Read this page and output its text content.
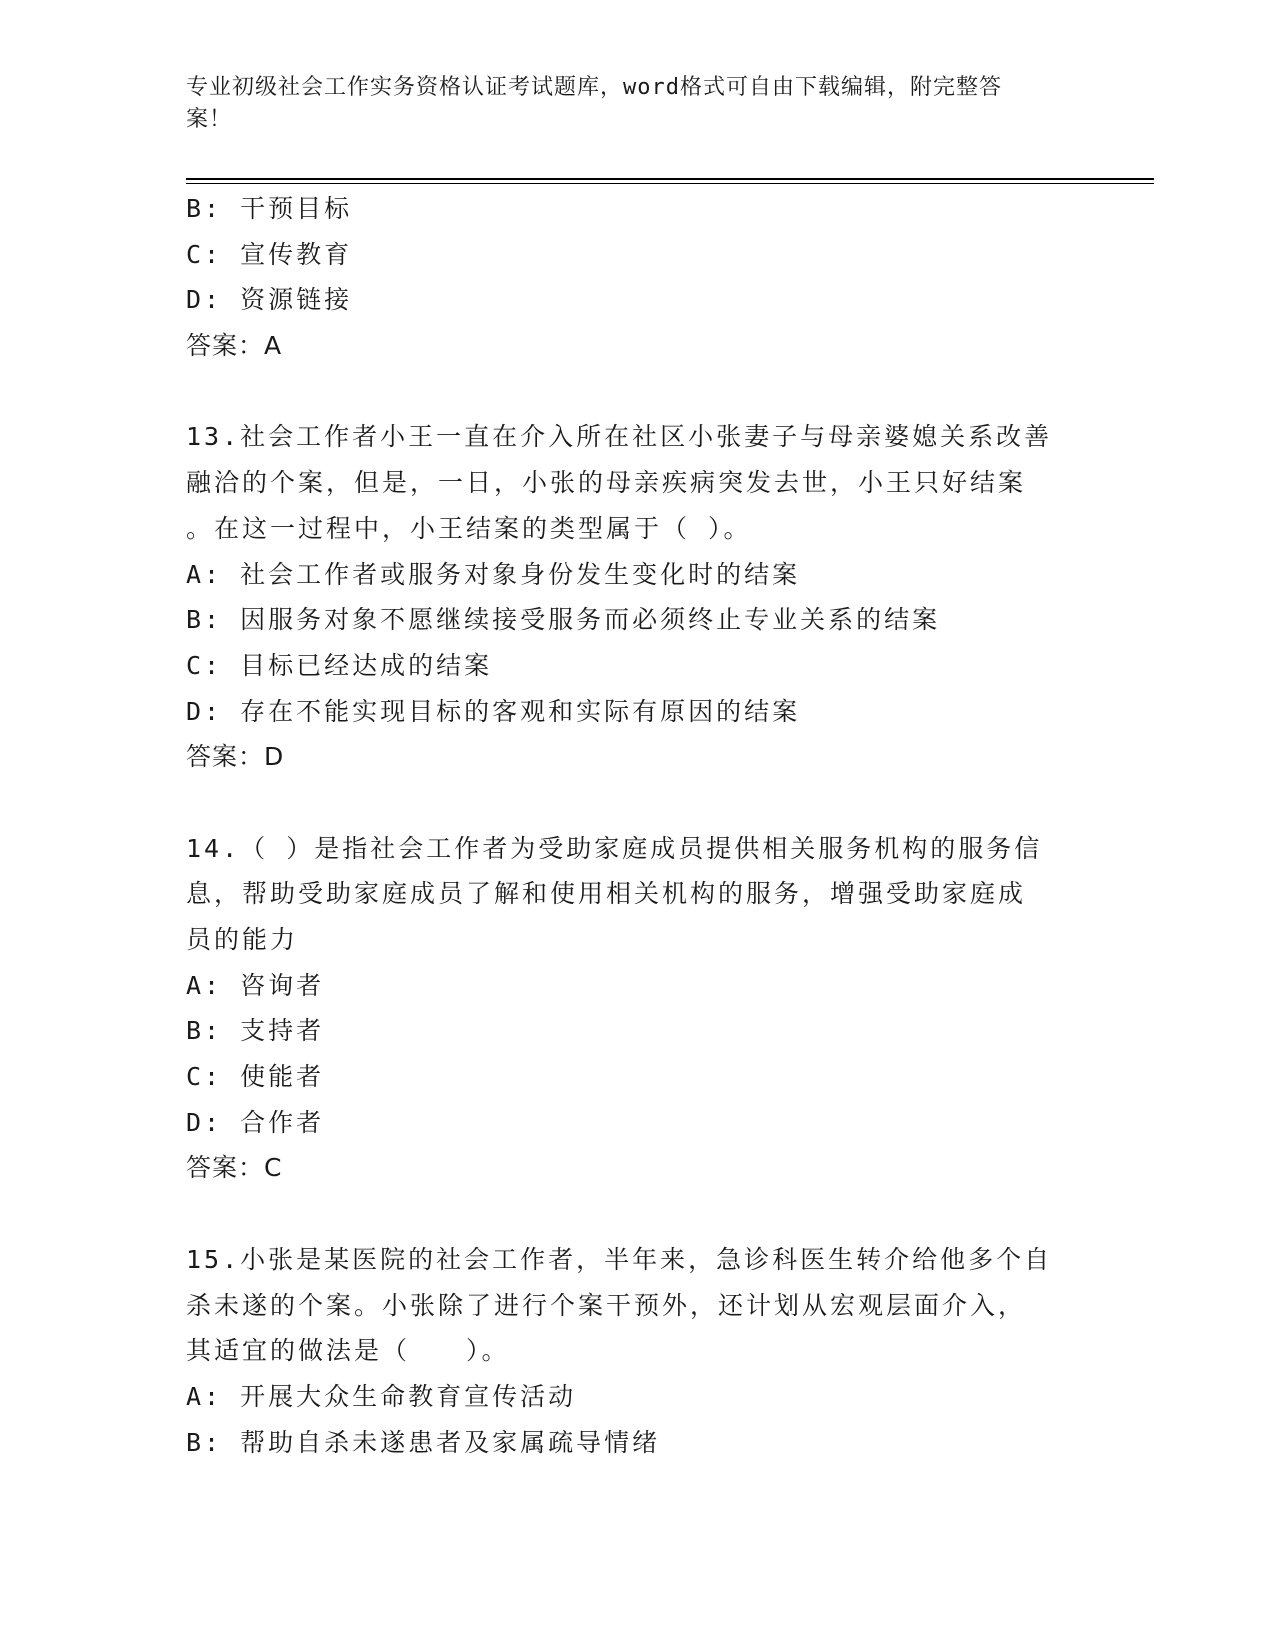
专业初级社会工作实务资格认证考试题库，word格式可自由下载编辑，附完整答
案！
B: 干预目标
C: 宣传教育
D: 资源链接
答案：A
13.社会工作者小王一直在介入所在社区小张妻子与母亲婆媳关系改善
融洽的个案，但是，一日，小张的母亲疾病突发去世，小王只好结案
。在这一过程中，小王结案的类型属于（ ）。
A: 社会工作者或服务对象身份发生变化时的结案
B: 因服务对象不愿继续接受服务而必须终止专业关系的结案
C: 目标已经达成的结案
D: 存在不能实现目标的客观和实际有原因的结案
答案：D
14.（ ）是指社会工作者为受助家庭成员提供相关服务机构的服务信
息，帮助受助家庭成员了解和使用相关机构的服务，增强受助家庭成
员的能力
A: 咨询者
B: 支持者
C: 使能者
D: 合作者
答案：C
15.小张是某医院的社会工作者，半年来，急诊科医生转介给他多个自
杀未遂的个案。小张除了进行个案干预外，还计划从宏观层面介入，
其适宜的做法是（　　）。
A: 开展大众生命教育宣传活动
B: 帮助自杀未遂患者及家属疏导情绪
